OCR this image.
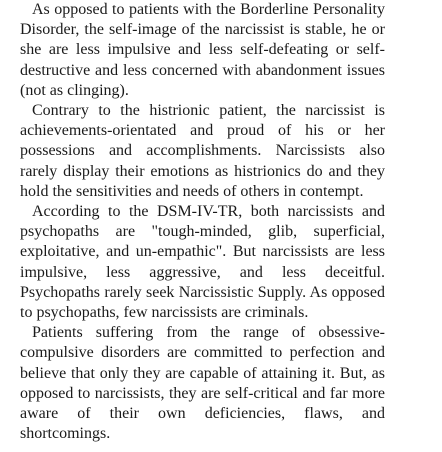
As opposed to patients with the Borderline Personality Disorder, the self-image of the narcissist is stable, he or she are less impulsive and less self-defeating or self-destructive and less concerned with abandonment issues (not as clinging).

Contrary to the histrionic patient, the narcissist is achievements-orientated and proud of his or her possessions and accomplishments. Narcissists also rarely display their emotions as histrionics do and they hold the sensitivities and needs of others in contempt.

According to the DSM-IV-TR, both narcissists and psychopaths are "tough-minded, glib, superficial, exploitative, and un-empathic". But narcissists are less impulsive, less aggressive, and less deceitful. Psychopaths rarely seek Narcissistic Supply. As opposed to psychopaths, few narcissists are criminals.

Patients suffering from the range of obsessive-compulsive disorders are committed to perfection and believe that only they are capable of attaining it. But, as opposed to narcissists, they are self-critical and far more aware of their own deficiencies, flaws, and shortcomings.
